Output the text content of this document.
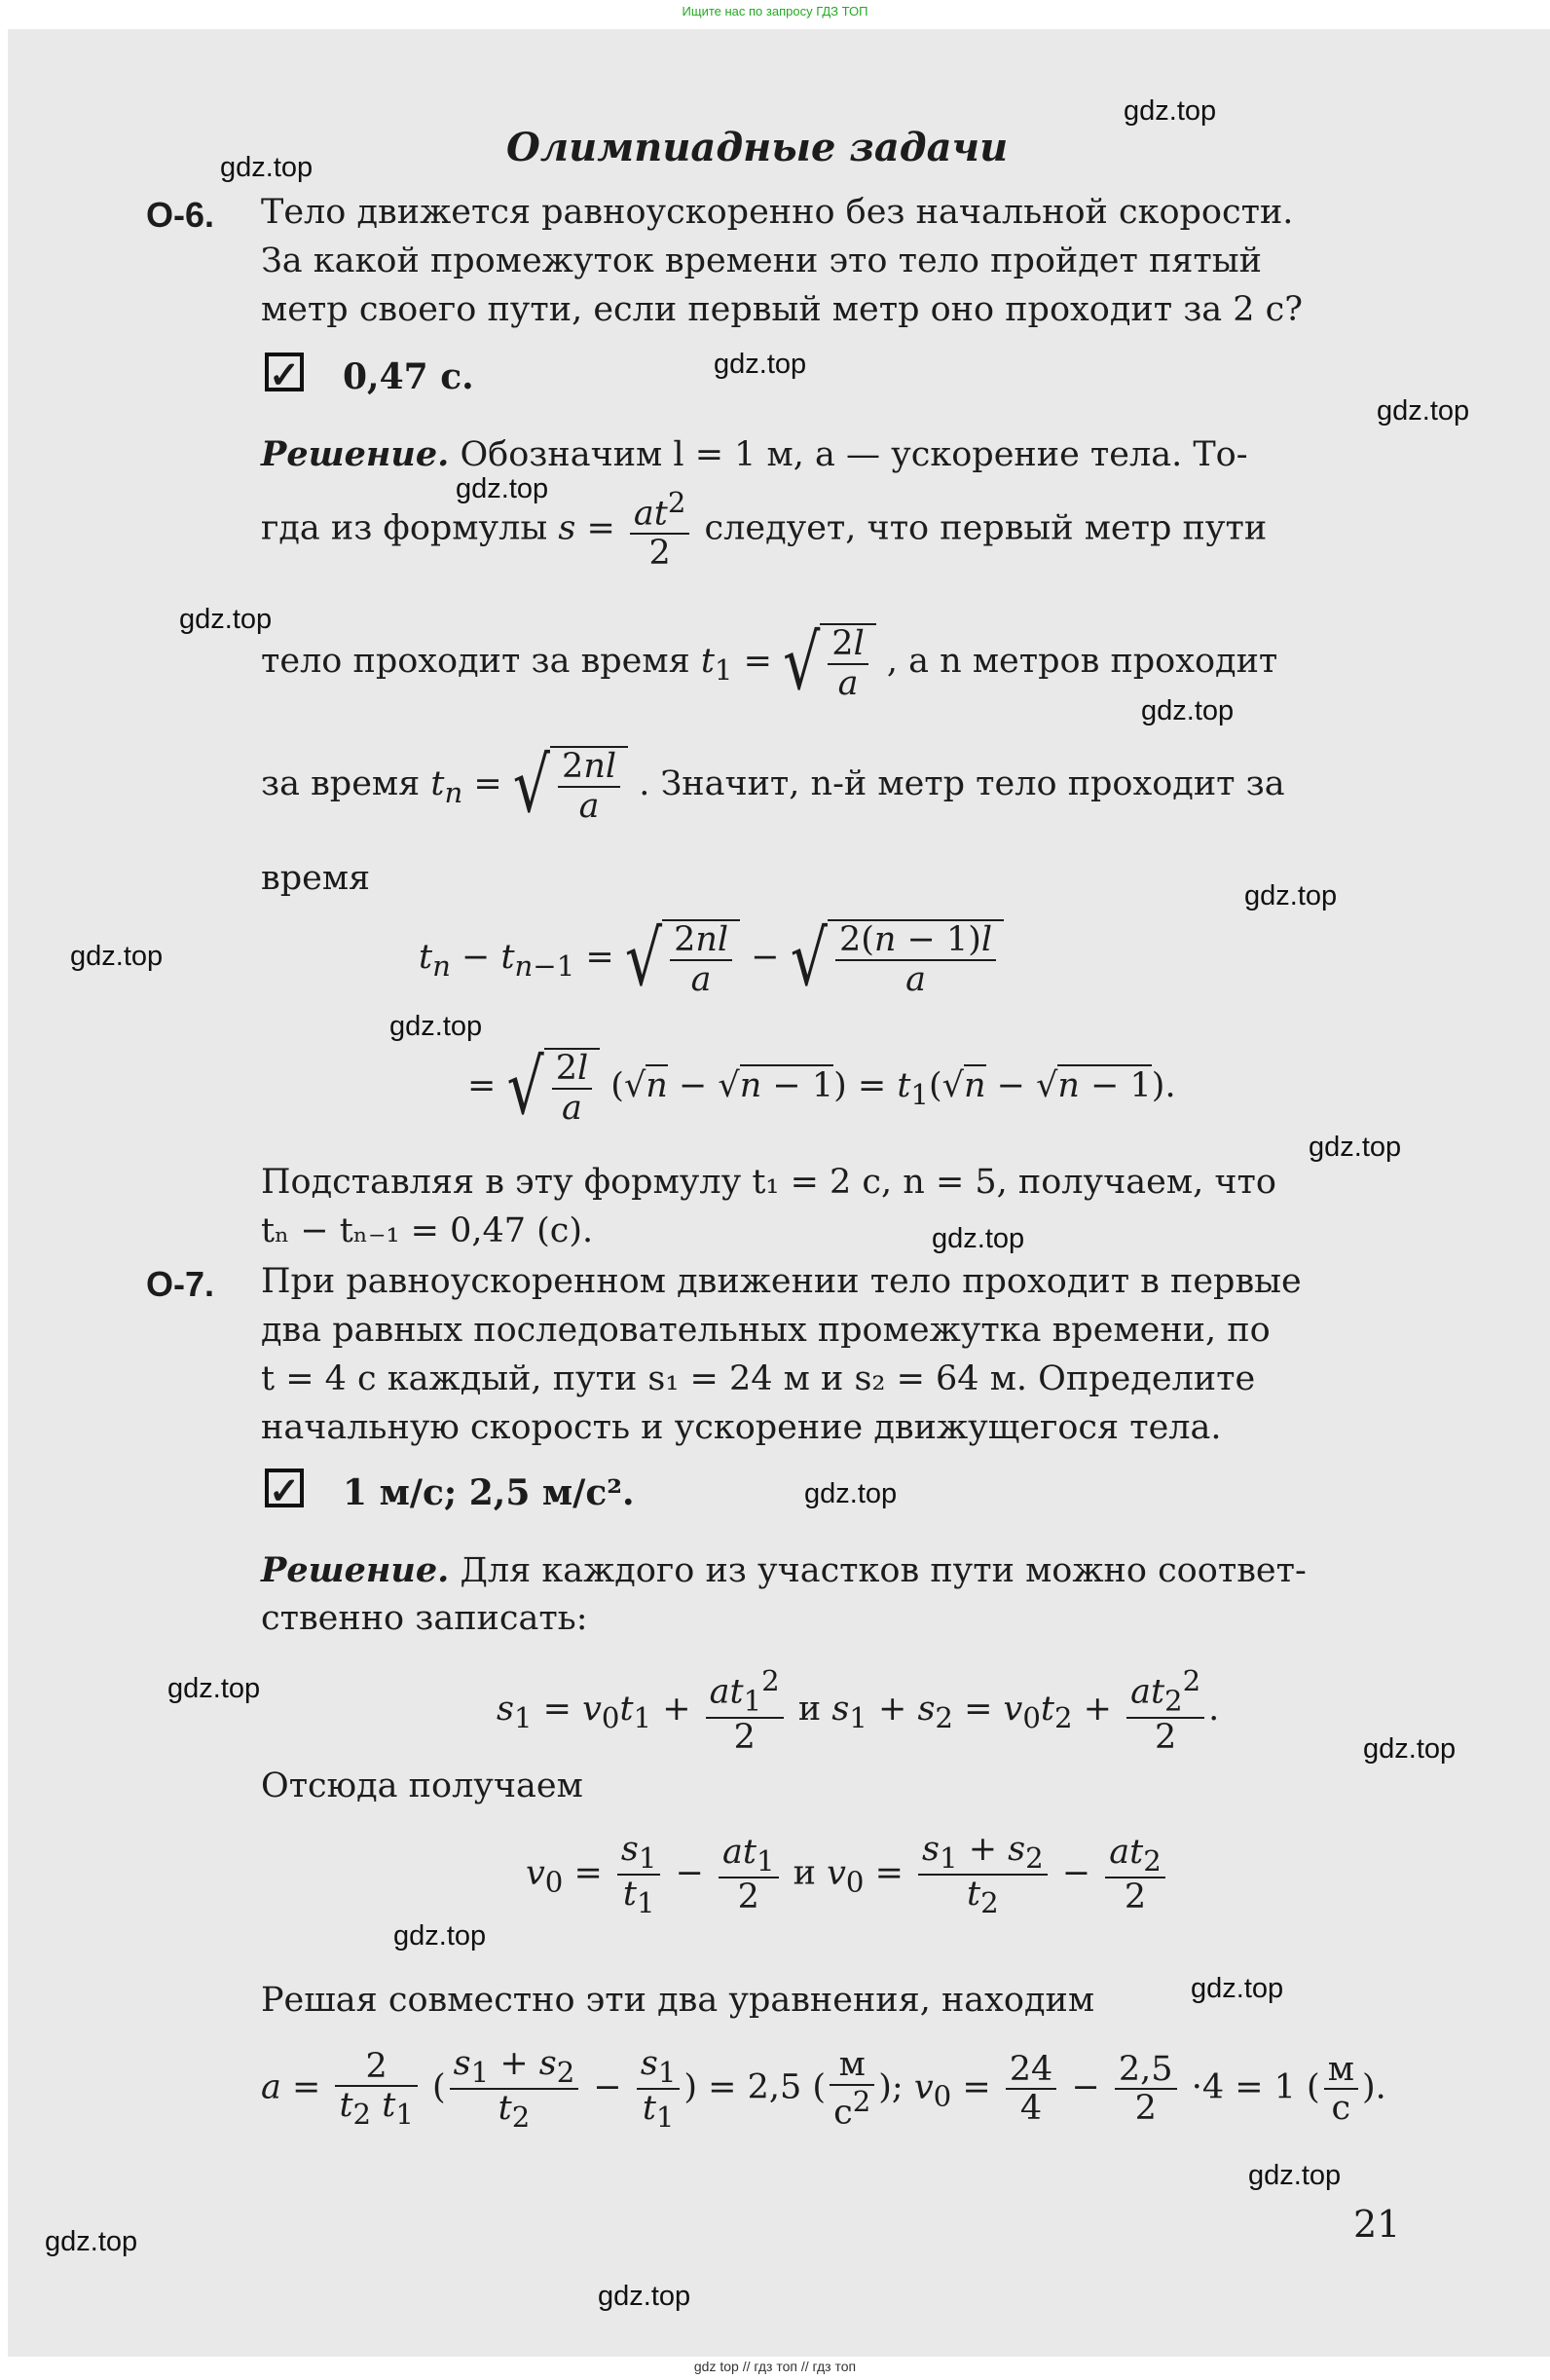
Ищите нас по запросу ГДЗ ТОП

Олимпиадные задачи
О-6. Тело движется равноускоренно без начальной скорости.
За какой промежуток времени это тело пройдет пятый
метр своего пути, если первый метр оно проходит за 2 с?
✓ 0,47 с.
Решение. Обозначим l = 1 м, a — ускорение тела. То-
гда из формулы $s = \frac{at^2}{2}$ следует, что первый метр пути
тело проходит за время $t_1$ = √ $\frac{2l}{a}$ , а n метров проходит
за время $t_n$ = √ $\frac{2nl}{a}$ . Значит, n-й метр тело проходит за
время
$t_n - t_{n-1}$ = √ $\frac{2nl}{a}$ − √ $\frac{2(n - 1)l}{a}$
= √ $\frac{2l}{a} (√n - √n - 1) = t_1(√n - √n - 1)$.
Подставляя в эту формулу t₁ = 2 с, n = 5, получаем, что
tₙ − tₙ₋₁ = 0,47 (с).
О-7. При равноускоренном движении тело проходит в первые
два равных последовательных промежутка времени, по
t = 4 с каждый, пути s₁ = 24 м и s₂ = 64 м. Определите
начальную скорость и ускорение движущегося тела.
✓ 1 м/с; 2,5 м/с².
Решение. Для каждого из участков пути можно соответ-
ственно записать:
$s_1 = v_0t_1 + \frac{at_1^2}{2}$ и $s_1 + s_2 = v_0t_2 + \frac{at_2^2}{2}$ .
Отсюда получаем
$v_0 = \frac{s_1}{t_1} - \frac{at_1}{2}$ и $v_0 = \frac{s_1 + s_2}{t_2} - \frac{at_2}{2}$
Решая совместно эти два уравнения, находим
$a = \frac{2}{t_2 t_1}$ ( $\frac{s_1 + s_2}{t_2} - \frac{s_1}{t_1}$ ) = 2,5 (
м
$с^2$ ); $v_0 = \frac{24}{4} - \frac{2,5}{2} \cdot 4 = 1$ ( м
с
).
21
gdz.top
gdz.top
gdz.top
gdz.top
gdz.top
gdz.top
gdz.top
gdz.top
gdz.top
gdz.top
gdz.top
gdz.top
gdz.top
gdz.top
gdz.top
gdz.top
gdz.top
gdz.top
gdz.top
gdz.top
gdz top // гдз топ // гдз топ
